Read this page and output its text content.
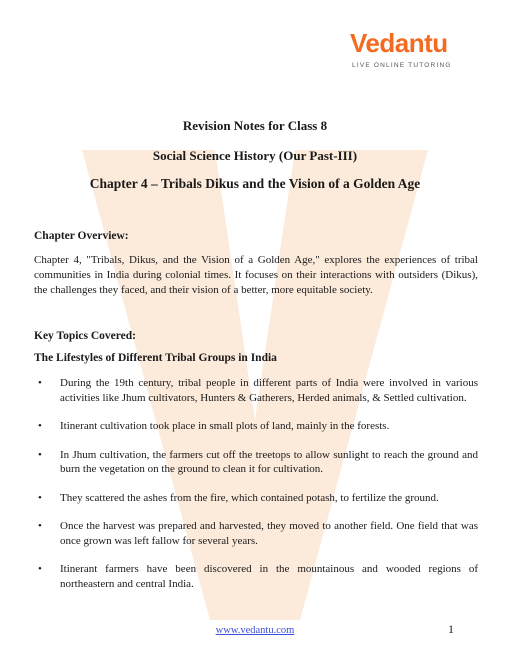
Vedantu
LIVE ONLINE TUTORING
Revision Notes for Class 8
Social Science History (Our Past-III)
Chapter 4 – Tribals Dikus and the Vision of a Golden Age
Chapter Overview:
Chapter 4, "Tribals, Dikus, and the Vision of a Golden Age," explores the experiences of tribal communities in India during colonial times. It focuses on their interactions with outsiders (Dikus), the challenges they faced, and their vision of a better, more equitable society.
Key Topics Covered:
The Lifestyles of Different Tribal Groups in India
• During the 19th century, tribal people in different parts of India were involved in various activities like Jhum cultivators, Hunters & Gatherers, Herded animals, & Settled cultivation.
• Itinerant cultivation took place in small plots of land, mainly in the forests.
• In Jhum cultivation, the farmers cut off the treetops to allow sunlight to reach the ground and burn the vegetation on the ground to clean it for cultivation.
• They scattered the ashes from the fire, which contained potash, to fertilize the ground.
• Once the harvest was prepared and harvested, they moved to another field. One field that was once grown was left fallow for several years.
• Itinerant farmers have been discovered in the mountainous and wooded regions of northeastern and central India.
www.vedantu.com	1
